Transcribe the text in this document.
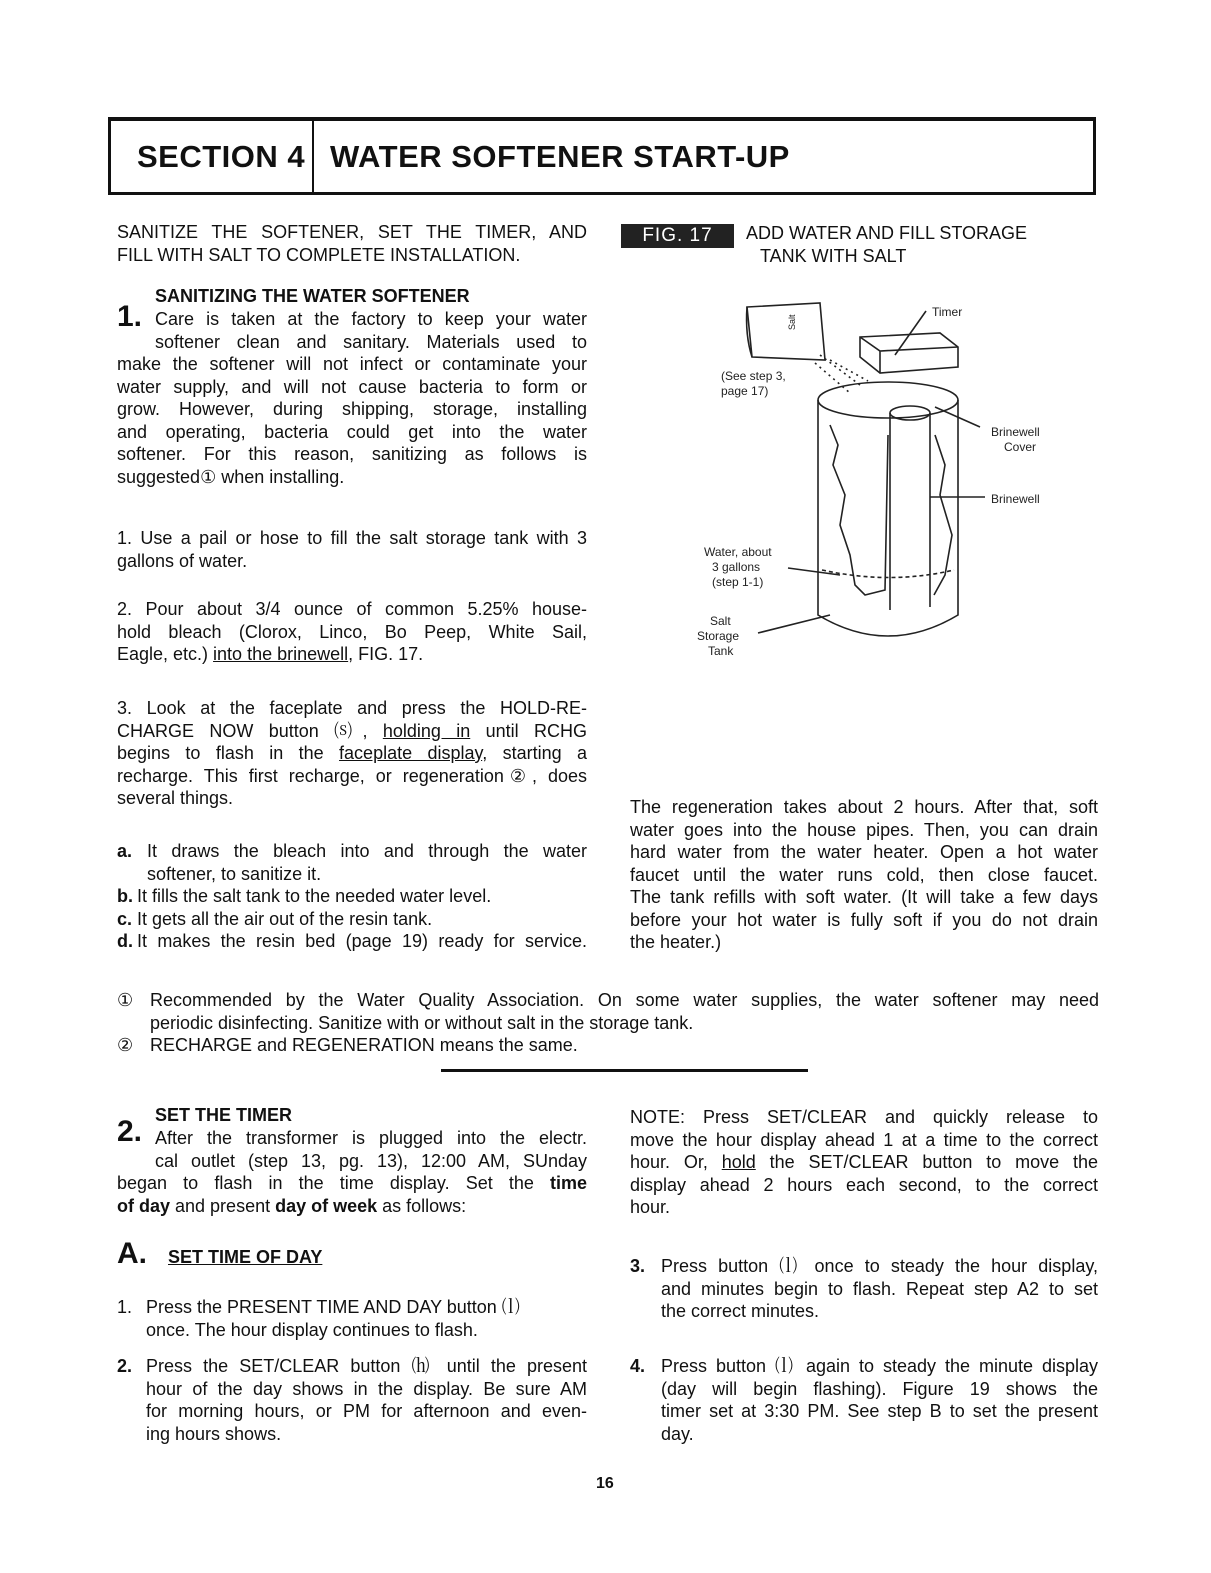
SECTION 4 WATER SOFTENER START-UP
SANITIZE THE SOFTENER, SET THE TIMER, AND
FILL WITH SALT TO COMPLETE INSTALLATION.
1.
SANITIZING THE WATER SOFTENER
Care is taken at the factory to keep your water
softener clean and sanitary. Materials used to
make the softener will not infect or contaminate your
water supply, and will not cause bacteria to form or
grow. However, during shipping, storage, installing
and operating, bacteria could get into the water
softener. For this reason, sanitizing as follows is
suggested① when installing.
1. Use a pail or hose to fill the salt storage tank with 3
gallons of water.
2. Pour about 3/4 ounce of common 5.25% house-
hold bleach (Clorox, Linco, Bo Peep, White Sail,
Eagle, etc.) into the brinewell, FIG. 17.
3. Look at the faceplate and press the HOLD-RE-
CHARGE NOW button ⒮, holding in until RCHG
begins to flash in the faceplate display, starting a
recharge. This first recharge, or regeneration②, does
several things.
a. It draws the bleach into and through the water
softener, to sanitize it.
b. It fills the salt tank to the needed water level.
c. It gets all the air out of the resin tank.
d. It makes the resin bed (page 19) ready for service.
FIG. 17	ADD WATER AND FILL STORAGE
TANK WITH SALT
Salt
Timer
(See step 3,
page 17)
Brinewell
Cover
Brinewell
Water, about
3 gallons
(step 1-1)
Salt
Storage
Tank
The regeneration takes about 2 hours. After that, soft
water goes into the house pipes. Then, you can drain
hard water from the water heater. Open a hot water
faucet until the water runs cold, then close faucet.
The tank refills with soft water. (It will take a few days
before your hot water is fully soft if you do not drain
the heater.)
① Recommended by the Water Quality Association. On some water supplies, the water softener may need
periodic disinfecting. Sanitize with or without salt in the storage tank.
② RECHARGE and REGENERATION means the same.
2. SET THE TIMER
After the transformer is plugged into the electr.
cal outlet (step 13, pg. 13), 12:00 AM, SUnday
began to flash in the time display. Set the time
of day and present day of week as follows:
A. SET TIME OF DAY
1. Press the PRESENT TIME AND DAY button ⒧
once. The hour display continues to flash.
2. Press the SET/CLEAR button ⒣ until the present
hour of the day shows in the display. Be sure AM
for morning hours, or PM for afternoon and even-
ing hours shows.
NOTE: Press SET/CLEAR and quickly release to
move the hour display ahead 1 at a time to the correct
hour. Or, hold the SET/CLEAR button to move the
display ahead 2 hours each second, to the correct
hour.
3. Press button ⒧ once to steady the hour display,
and minutes begin to flash. Repeat step A2 to set
the correct minutes.
4. Press button ⒧ again to steady the minute display
(day will begin flashing). Figure 19 shows the
timer set at 3:30 PM. See step B to set the present
day.
16
